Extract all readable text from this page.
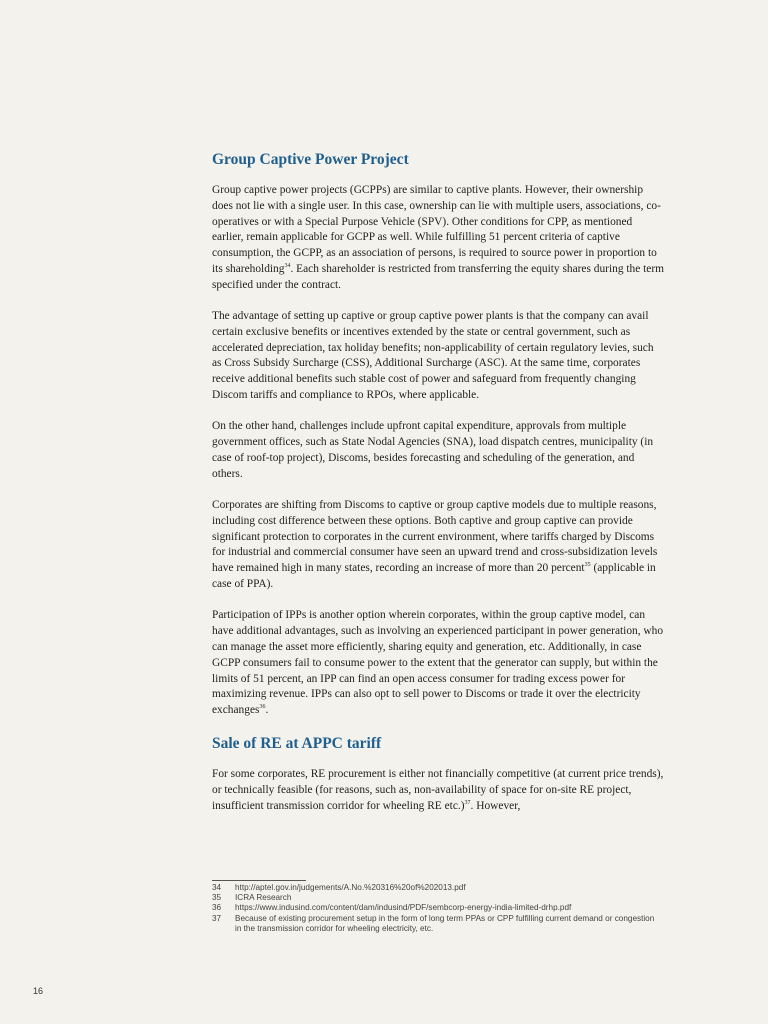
Group Captive Power Project

Group captive power projects (GCPPs) are similar to captive plants. However, their ownership does not lie with a single user. In this case, ownership can lie with multiple users, associations, co-operatives or with a Special Purpose Vehicle (SPV). Other conditions for CPP, as mentioned earlier, remain applicable for GCPP as well. While fulfilling 51 percent criteria of captive consumption, the GCPP, as an association of persons, is required to source power in proportion to its shareholding$^{34}$. Each shareholder is restricted from transferring the equity shares during the term specified under the contract.

The advantage of setting up captive or group captive power plants is that the company can avail certain exclusive benefits or incentives extended by the state or central government, such as accelerated depreciation, tax holiday benefits; non-applicability of certain regulatory levies, such as Cross Subsidy Surcharge (CSS), Additional Surcharge (ASC). At the same time, corporates receive additional benefits such stable cost of power and safeguard from frequently changing Discom tariffs and compliance to RPOs, where applicable.

On the other hand, challenges include upfront capital expenditure, approvals from multiple government offices, such as State Nodal Agencies (SNA), load dispatch centres, municipality (in case of roof-top project), Discoms, besides forecasting and scheduling of the generation, and others.

Corporates are shifting from Discoms to captive or group captive models due to multiple reasons, including cost difference between these options. Both captive and group captive can provide significant protection to corporates in the current environment, where tariffs charged by Discoms for industrial and commercial consumer have seen an upward trend and cross-subsidization levels have remained high in many states, recording an increase of more than 20 percent$^{35}$ (applicable in case of PPA).

Participation of IPPs is another option wherein corporates, within the group captive model, can have additional advantages, such as involving an experienced participant in power generation, who can manage the asset more efficiently, sharing equity and generation, etc. Additionally, in case GCPP consumers fail to consume power to the extent that the generator can supply, but within the limits of 51 percent, an IPP can find an open access consumer for trading excess power for maximizing revenue. IPPs can also opt to sell power to Discoms or trade it over the electricity exchanges$^{36}$.

Sale of RE at APPC tariff

For some corporates, RE procurement is either not financially competitive (at current price trends), or technically feasible (for reasons, such as, non-availability of space for on-site RE project, insufficient transmission corridor for wheeling RE etc.)$^{37}$. However,

34	http://aptel.gov.in/judgements/A.No.%20316%20of%202013.pdf
35	ICRA Research
36	https://www.indusind.com/content/dam/indusind/PDF/sembcorp-energy-india-limited-drhp.pdf
37	Because of existing procurement setup in the form of long term PPAs or CPP fulfilling current demand or congestion in the transmission corridor for wheeling electricity, etc.
16
